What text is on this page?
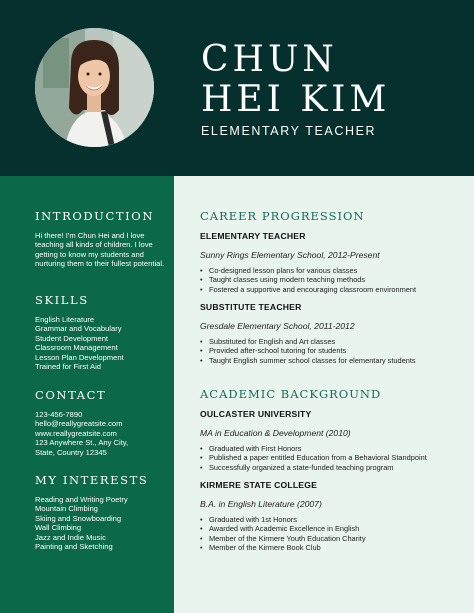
CHUN
HEI KIM
ELEMENTARY TEACHER
INTRODUCTION

Hi there! I'm Chun Hei and I love teaching all kinds of children. I love getting to know my students and nurturing them to their fullest potential.

SKILLS
English Literature
Grammar and Vocabulary
Student Development
Classroom Management
Lesson Plan Development
Trained for First Aid
CONTACT
123-456-7890
hello@reallygreatsite.com
www.reallygreatsite.com
123 Anywhere St., Any City,
State, Country 12345
MY INTERESTS
Reading and Writing Poetry
Mountain Climbing
Skiing and Snowboarding
Wall Climbing
Jazz and Indie Music
Painting and Sketching
CAREER PROGRESSION
ELEMENTARY TEACHER
Sunny Rings Elementary School, 2012-Present
• Co-designed lesson plans for various classes
• Taught classes using modern teaching methods
• Fostered a supportive and encouraging classroom environment
SUBSTITUTE TEACHER
Gresdale Elementary School, 2011-2012
• Substituted for English and Art classes
• Provided after-school tutoring for students
• Taught English summer school classes for elementary students
ACADEMIC BACKGROUND
OULCASTER UNIVERSITY
MA in Education & Development (2010)
• Graduated with First Honors
• Published a paper entitled Education from a Behavioral Standpoint
• Successfully organized a state-funded teaching program
KIRMERE STATE COLLEGE
B.A. in English Literature (2007)
• Graduated with 1st Honors
• Awarded with Academic Excellence in English
• Member of the Kirmere Youth Education Charity
• Member of the Kirmere Book Club
